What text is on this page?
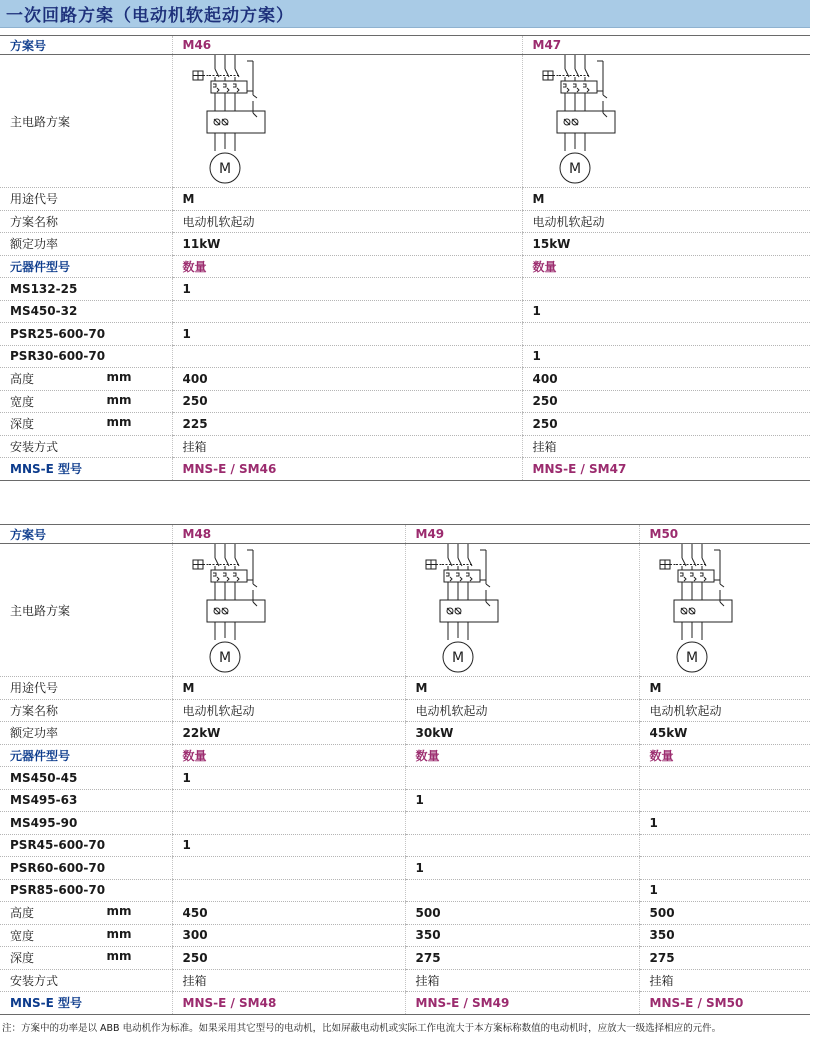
一次回路方案（电动机软起动方案）
方案号	M46	M47
主电路方案	M	M

用途代号	M	M
方案名称	电动机软起动	电动机软起动
额定功率	11kW	15kW
元器件型号	数量	数量
MS132-25	1	
MS450-32		1
PSR25-600-70	1	
PSR30-600-70		1

高度 mm	400	400

宽度 mm	250	250

深度 mm	225	250
安装方式	挂箱	挂箱
MNS-E 型号	MNS-E / SM46	MNS-E / SM47
方案号	M48	M49	M50
主电路方案	M	M	M

用途代号	M	M	M
方案名称	电动机软起动	电动机软起动	电动机软起动
额定功率	22kW	30kW	45kW
元器件型号	数量	数量	数量
MS450-45	1		
MS495-63		1	
MS495-90			1
PSR45-600-70	1		
PSR60-600-70		1	
PSR85-600-70			1

高度 mm	450	500	500

宽度 mm	300	350	350

深度 mm	250	275	275
安装方式	挂箱	挂箱	挂箱
MNS-E 型号	MNS-E / SM48	MNS-E / SM49	MNS-E / SM50
注：方案中的功率是以 ABB 电动机作为标准。如果采用其它型号的电动机，比如屏蔽电动机或实际工作电流大于本方案标称数值的电动机时，应放大一级选择相应的元件。
